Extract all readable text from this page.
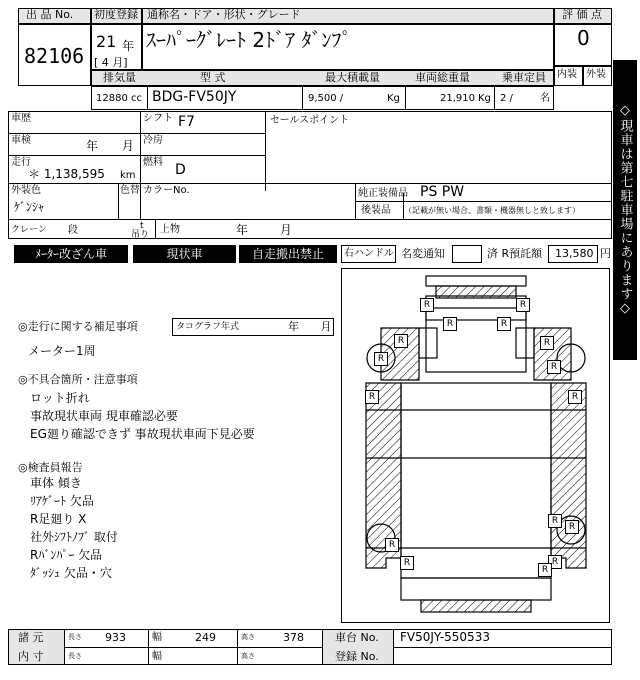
出 品 No.
82106
初度登録 通称名・ドア・形状・グレード
21 年
[ 4 月]
ｽｰﾊﾟｰｸﾞﾚｰﾄ 2ﾄﾞｱ ﾀﾞﾝﾌﾟ
評 価 点
0
内装 外装
排気量	型 式	最大積載量	車両総重量	乗車定員
12880 cc BDG-FV50JY	9,500 /	Kg	21,910 Kg 2 /	名
車歴	シフト F7	セールスポイント
車検	年 月 冷房
走行
＊ 1,138,595 km
燃料 D
外装色
ｹﾞﾝｼｬ
色替 カラーNo.	純正装備品 PS PW
後装品 （記載が無い場合、書類・機器無しと致します）
クレーン 段	t
吊り 上物	年 月
ﾒｰﾀｰ改ざん車	現状車	自走搬出禁止	右ハンドル 名変通知	済 R預託額 13,580 円 ◇現車は第七駐車場にあります◇
◎走行に関する補足事項	タコグラフ年式	年 月
メーター1周
◎不具合箇所・注意事項
ロット折れ
事故現状車両 現車確認必要
EG廻り確認できず 事故現状車両下見必要
◎検査員報告
車体 傾き
ﾘｱｹﾞｰﾄ 欠品
R足廻り X
社外ｼﾌﾄﾉﾌﾞ 取付
Rﾊﾞﾝﾊﾟｰ 欠品
ﾀﾞｯｼｭ 欠品・穴
R	R
R	R
R	R
R
R
R
R
R
R
R
R
R
R
諸 元	長さ 933	幅	249	高さ	378	車台 No. FV50JY-550533
内 寸	長さ	幅	高さ	登録 No.
